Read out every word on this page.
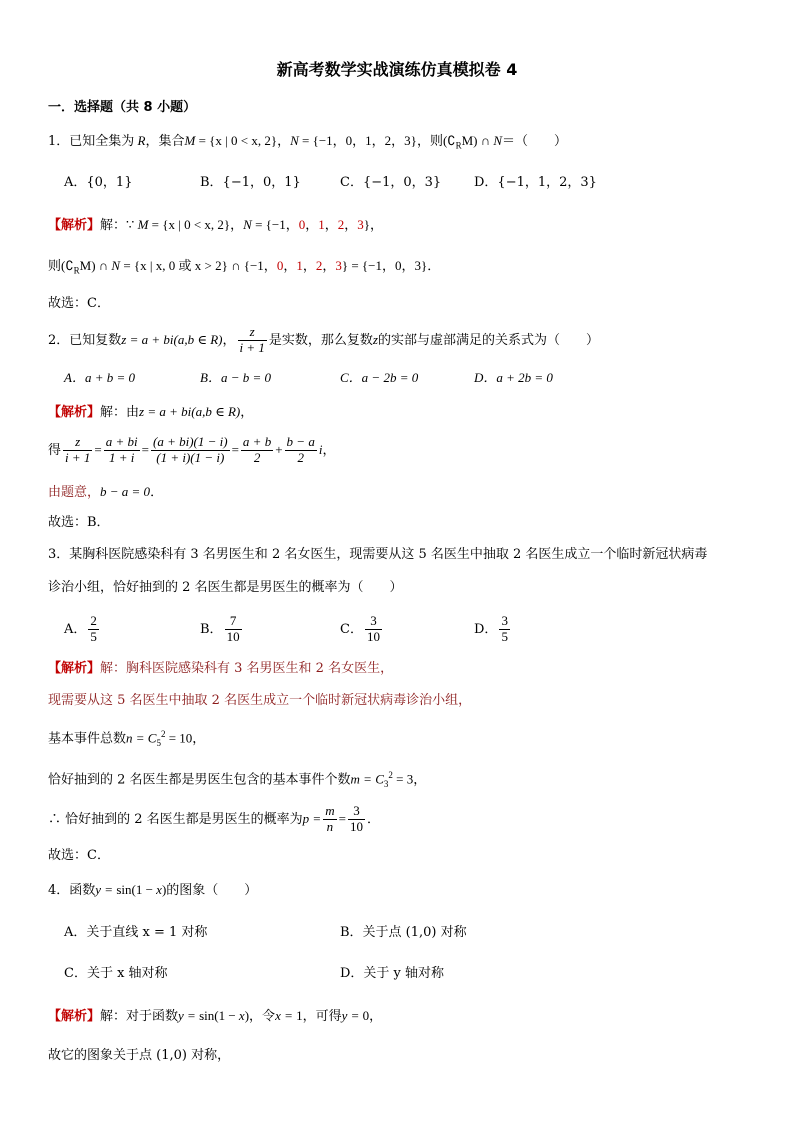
新高考数学实战演练仿真模拟卷 4
一．选择题（共 8 小题）
1．已知全集为 R，集合M = {x | 0 < x, 2}，N = {−1，0，1，2，3}，则$(∁_RM)$ ∩ N＝（　　）
A．{0，1}	B．{−1，0，1}	C．{−1，0，3}	D．{−1，1，2，3}
【解析】解：∵ M = {x | 0 < x, 2}，N = {−1，0，1，2，3}，
则$(∁_RM)$ ∩ N = {x | x, 0 或 x > 2} ∩ {−1，0，1，2，3} = {−1，0，3}．
故选：C．
2．已知复数z = a + bi(a,b ∈ R)， $\frac{z}{i + 1}$ 是实数，那么复数z的实部与虚部满足的关系式为（　　）
A．a + b = 0	B．a − b = 0	C．a − 2b = 0	D．a + 2b = 0
【解析】解：由z = a + bi(a,b ∈ R)，
得 $\frac{z}{i + 1} = \frac{a + bi}{1 + i} = \frac{(a + bi)(1 - i)}{(1 + i)(1 - i)} = \frac{a + b}{2} + \frac{b - a}{2}$ i，
由题意，b − a = 0．
故选：B．
3．某胸科医院感染科有 3 名男医生和 2 名女医生，现需要从这 5 名医生中抽取 2 名医生成立一个临时新冠状病毒
诊治小组，恰好抽到的 2 名医生都是男医生的概率为（　　）
A． $\frac{2}{5}$	B． $\frac{7}{10}$	C． $\frac{3}{10}$	D． $\frac{3}{5}$
【解析】解：胸科医院感染科有 3 名男医生和 2 名女医生，
现需要从这 5 名医生中抽取 2 名医生成立一个临时新冠状病毒诊治小组，
基本事件总数$n = C_5^2 = 10$，
恰好抽到的 2 名医生都是男医生包含的基本事件个数$m = C_3^2 = 3$，
∴ 恰好抽到的 2 名医生都是男医生的概率为$p = \frac{m}{n} = \frac{3}{10}$ ．
故选：C．
4．函数y = sin(1 − x)的图象（　　）
A．关于直线 x = 1 对称	B．关于点 (1,0) 对称
C．关于 x 轴对称	D．关于 y 轴对称
【解析】解：对于函数y = sin(1 − x)，令x = 1，可得y = 0，
故它的图象关于点 (1,0) 对称，
